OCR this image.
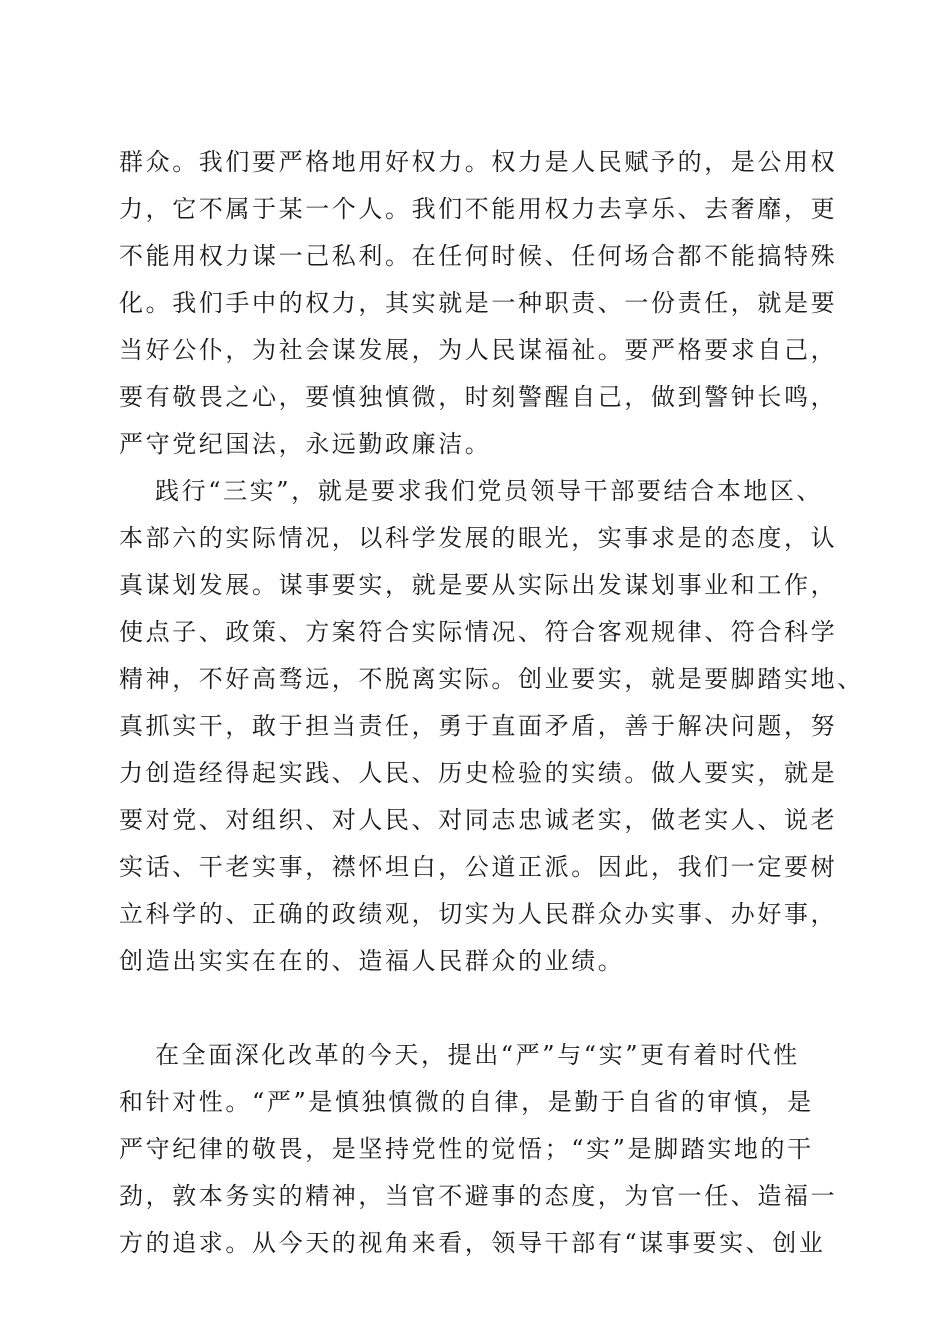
群众。我们要严格地用好权力。权力是人民赋予的，是公用权
力，它不属于某一个人。我们不能用权力去享乐、去奢靡，更
不能用权力谋一己私利。在任何时候、任何场合都不能搞特殊
化。我们手中的权力，其实就是一种职责、一份责任，就是要
当好公仆，为社会谋发展，为人民谋福祉。要严格要求自己，
要有敬畏之心，要慎独慎微，时刻警醒自己，做到警钟长鸣，
严守党纪国法，永远勤政廉洁。
践行“三实”，就是要求我们党员领导干部要结合本地区、
本部六的实际情况，以科学发展的眼光，实事求是的态度，认
真谋划发展。谋事要实，就是要从实际出发谋划事业和工作，
使点子、政策、方案符合实际情况、符合客观规律、符合科学
精神，不好高骛远，不脱离实际。创业要实，就是要脚踏实地、
真抓实干，敢于担当责任，勇于直面矛盾，善于解决问题，努
力创造经得起实践、人民、历史检验的实绩。做人要实，就是
要对党、对组织、对人民、对同志忠诚老实，做老实人、说老
实话、干老实事，襟怀坦白，公道正派。因此，我们一定要树
立科学的、正确的政绩观，切实为人民群众办实事、办好事，
创造出实实在在的、造福人民群众的业绩。
在全面深化改革的今天，提出“严”与“实”更有着时代性
和针对性。“严”是慎独慎微的自律，是勤于自省的审慎，是
严守纪律的敬畏，是坚持党性的觉悟；“实”是脚踏实地的干
劲，敦本务实的精神，当官不避事的态度，为官一任、造福一
方的追求。从今天的视角来看，领导干部有“谋事要实、创业
